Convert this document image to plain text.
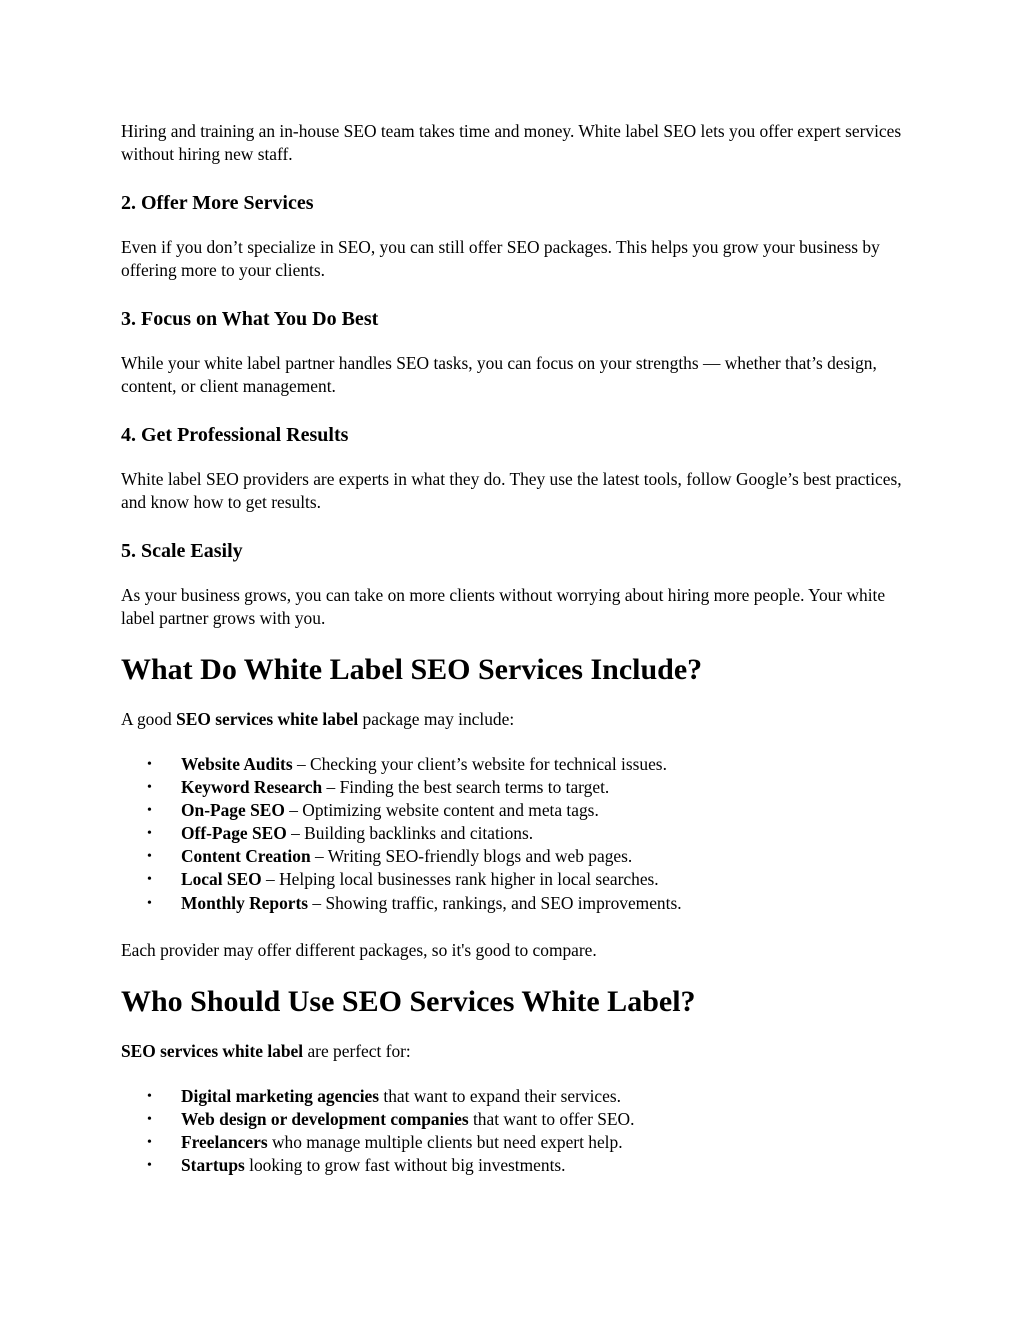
Hiring and training an in-house SEO team takes time and money. White label SEO lets you offer expert services without hiring new staff.

2. Offer More Services

Even if you don’t specialize in SEO, you can still offer SEO packages. This helps you grow your business by offering more to your clients.

3. Focus on What You Do Best

While your white label partner handles SEO tasks, you can focus on your strengths — whether that’s design, content, or client management.

4. Get Professional Results

White label SEO providers are experts in what they do. They use the latest tools, follow Google’s best practices, and know how to get results.

5. Scale Easily

As your business grows, you can take on more clients without worrying about hiring more people. Your white label partner grows with you.

What Do White Label SEO Services Include?

A good SEO services white label package may include:

• Website Audits – Checking your client’s website for technical issues.
• Keyword Research – Finding the best search terms to target.
• On-Page SEO – Optimizing website content and meta tags.
• Off-Page SEO – Building backlinks and citations.
• Content Creation – Writing SEO-friendly blogs and web pages.
• Local SEO – Helping local businesses rank higher in local searches.
• Monthly Reports – Showing traffic, rankings, and SEO improvements.

Each provider may offer different packages, so it's good to compare.

Who Should Use SEO Services White Label?

SEO services white label are perfect for:

• Digital marketing agencies that want to expand their services.
• Web design or development companies that want to offer SEO.
• Freelancers who manage multiple clients but need expert help.
• Startups looking to grow fast without big investments.
